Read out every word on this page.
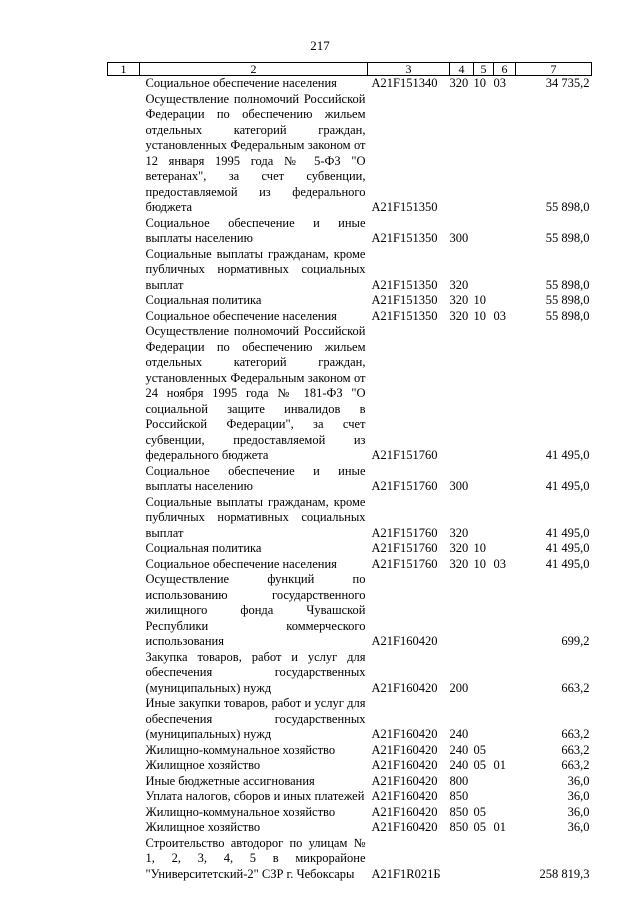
217
1	2	3	4	5	6	7
	Социальное обеспечение населения	A21F151340	320	10	03	34 735,2
	Осуществление полномочий Российской Федерации по обеспечению жильем отдельных категорий граждан, установленных Федеральным законом от 12 января 1995 года № 5-ФЗ "О ветеранах", за счет субвенции, предоставляемой из федерального бюджета	A21F151350				55 898,0
	Социальное обеспечение и иные выплаты населению	A21F151350	300			55 898,0
	Социальные выплаты гражданам, кроме публичных нормативных социальных выплат	A21F151350	320			55 898,0
	Социальная политика	A21F151350	320	10		55 898,0
	Социальное обеспечение населения	A21F151350	320	10	03	55 898,0
	Осуществление полномочий Российской Федерации по обеспечению жильем отдельных категорий граждан, установленных Федеральным законом от 24 ноября 1995 года № 181-ФЗ "О социальной защите инвалидов в Российской Федерации", за счет субвенции, предоставляемой из федерального бюджета	A21F151760				41 495,0
	Социальное обеспечение и иные выплаты населению	A21F151760	300			41 495,0
	Социальные выплаты гражданам, кроме публичных нормативных социальных выплат	A21F151760	320			41 495,0
	Социальная политика	A21F151760	320	10		41 495,0
	Социальное обеспечение населения	A21F151760	320	10	03	41 495,0
	Осуществление функций по использованию государственного жилищного фонда Чувашской Республики коммерческого использования	A21F160420				699,2
	Закупка товаров, работ и услуг для обеспечения государственных (муниципальных) нужд	A21F160420	200			663,2
	Иные закупки товаров, работ и услуг для обеспечения государственных (муниципальных) нужд	A21F160420	240			663,2
	Жилищно-коммунальное хозяйство	A21F160420	240	05		663,2
	Жилищное хозяйство	A21F160420	240	05	01	663,2
	Иные бюджетные ассигнования	A21F160420	800			36,0
	Уплата налогов, сборов и иных платежей	A21F160420	850			36,0
	Жилищно-коммунальное хозяйство	A21F160420	850	05		36,0
	Жилищное хозяйство	A21F160420	850	05	01	36,0
	Строительство автодорог по улицам № 1, 2, 3, 4, 5 в микрорайоне "Университетский-2" СЗР г. Чебоксары	A21F1R021Б				258 819,3
